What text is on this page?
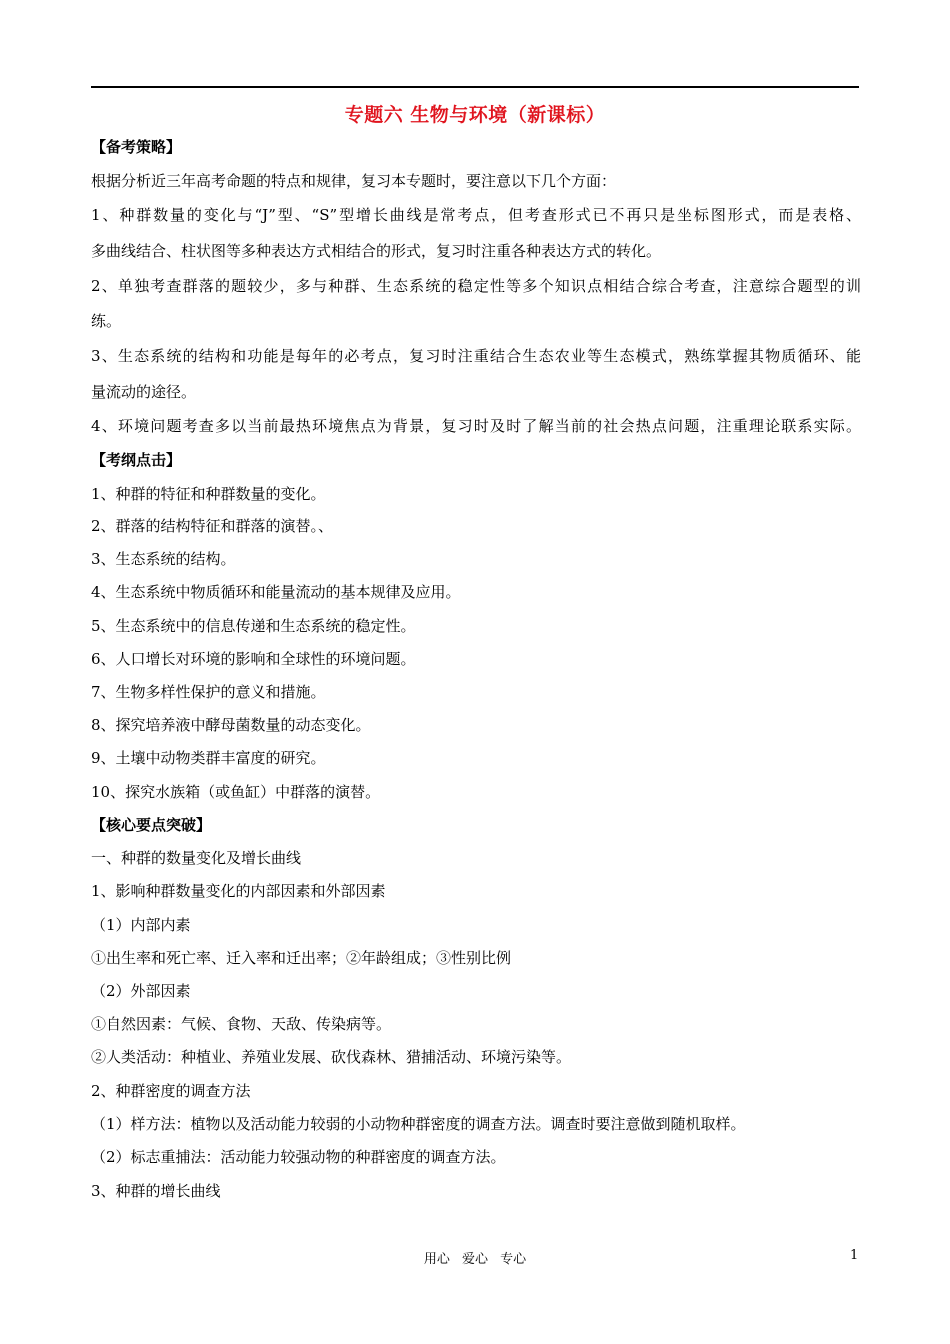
专题六 生物与环境（新课标）
【备考策略】
根据分析近三年高考命题的特点和规律，复习本专题时，要注意以下几个方面：
1、种群数量的变化与“J”型、“S”型增长曲线是常考点，但考查形式已不再只是坐标图形式，而是表格、
多曲线结合、柱状图等多种表达方式相结合的形式，复习时注重各种表达方式的转化。
2、单独考查群落的题较少，多与种群、生态系统的稳定性等多个知识点相结合综合考查，注意综合题型的训
练。
3、生态系统的结构和功能是每年的必考点，复习时注重结合生态农业等生态模式，熟练掌握其物质循环、能
量流动的途径。
4、环境问题考查多以当前最热环境焦点为背景，复习时及时了解当前的社会热点问题，注重理论联系实际。
【考纲点击】
1、种群的特征和种群数量的变化。
2、群落的结构特征和群落的演替。、
3、生态系统的结构。
4、生态系统中物质循环和能量流动的基本规律及应用。
5、生态系统中的信息传递和生态系统的稳定性。
6、人口增长对环境的影响和全球性的环境问题。
7、生物多样性保护的意义和措施。
8、探究培养液中酵母菌数量的动态变化。
9、土壤中动物类群丰富度的研究。
10、探究水族箱（或鱼缸）中群落的演替。
【核心要点突破】
一、种群的数量变化及增长曲线
1、影响种群数量变化的内部因素和外部因素
（1）内部内素
①出生率和死亡率、迁入率和迁出率；②年龄组成；③性别比例
（2）外部因素
①自然因素：气候、食物、天敌、传染病等。
②人类活动：种植业、养殖业发展、砍伐森林、猎捕活动、环境污染等。
2、种群密度的调查方法
（1）样方法：植物以及活动能力较弱的小动物种群密度的调查方法。调查时要注意做到随机取样。
（2）标志重捕法：活动能力较强动物的种群密度的调查方法。
3、种群的增长曲线
用心 爱心 专心	1
